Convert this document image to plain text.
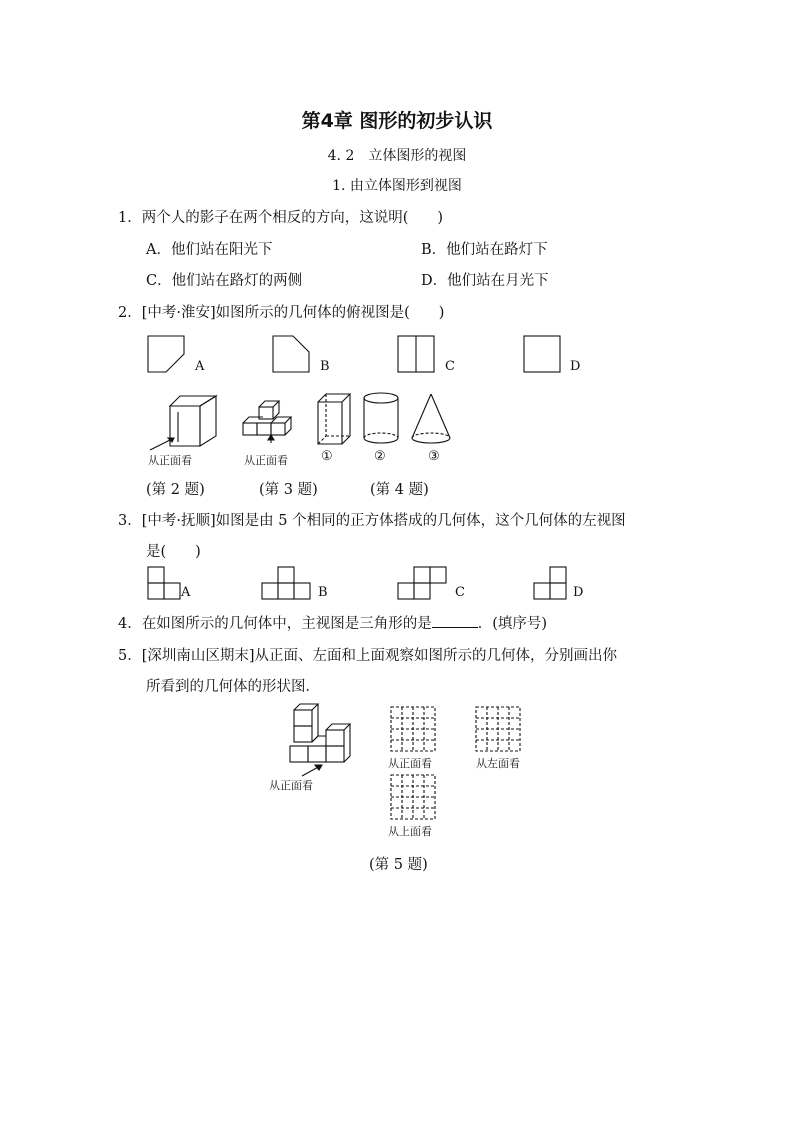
第4章 图形的初步认识
4. 2　立体图形的视图
1. 由立体图形到视图
1．两个人的影子在两个相反的方向，这说明(　　)
A．他们站在阳光下	B．他们站在路灯下
C．他们站在路灯的两侧	D．他们站在月光下
2．[中考·淮安]如图所示的几何体的俯视图是(　　)
A	B	C	D
从正面看	从正面看	①	②	③
(第 2 题)	(第 3 题)	(第 4 题)
3．[中考·抚顺]如图是由 5 个相同的正方体搭成的几何体，这个几何体的左视图
是(　　)
A	B	C	D
4．在如图所示的几何体中，主视图是三角形的是	．(填序号)
5．[深圳南山区期末]从正面、左面和上面观察如图所示的几何体，分别画出你
所看到的几何体的形状图．
从正面看
从正面看	从左面看
从上面看
(第 5 题)
